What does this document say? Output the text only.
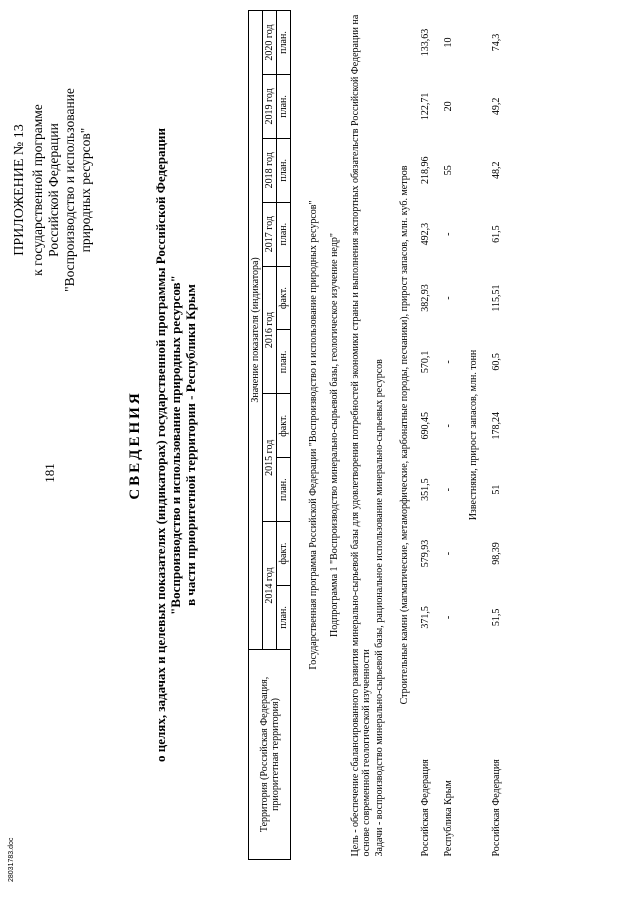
181
28031783.doc
ПРИЛОЖЕНИЕ № 13 к государственной программе Российской Федерации "Воспроизводство и использование природных ресурсов"
СВЕДЕНИЯ о целях, задачах и целевых показателях (индикаторах) государственной программы Российской Федерации "Воспроизводство и использование природных ресурсов" в части приоритетной территории - Республики Крым
Территория (Российская Федерация, приоритетная территория)	Значение показателя (индикатора)									
	2014 год		2015 год		2016 год		2017 год	2018 год	2019 год	2020 год
	план.	факт.	план.	факт.	план.	факт.	план.	план.	план.	план.

Государственная программа Российской Федерации "Воспроизводство и использование природных ресурсов"										

Подпрограмма 1 "Воспроизводство минерально-сырьевой базы, геологическое изучение недр"										

Цель - обеспечение сбалансированного развития минерально-сырьевой базы для удовлетворения потребностей экономики страны и выполнения экспортных обязательств Российской Федерации на основе современной геологической изученности										
Задачи - воспроизводство минерально-сырьевой базы, рациональное использование минерально-сырьевых ресурсов										

Строительные камни (магматические, метаморфические, карбонатные породы, песчаники), прирост запасов, млн. куб. метров										

Российская Федерация	371,5	579,93	351,5	690,45	570,1	382,93	492,3	218,96	122,71	133,63

Республика Крым	-	-	-	-	-	-	-	55	20	10

Известняки, прирост запасов, млн. тонн										

Российская Федерация	51,5	98,39	51	178,24	60,5	115,51	61,5	48,2	49,2	74,3
